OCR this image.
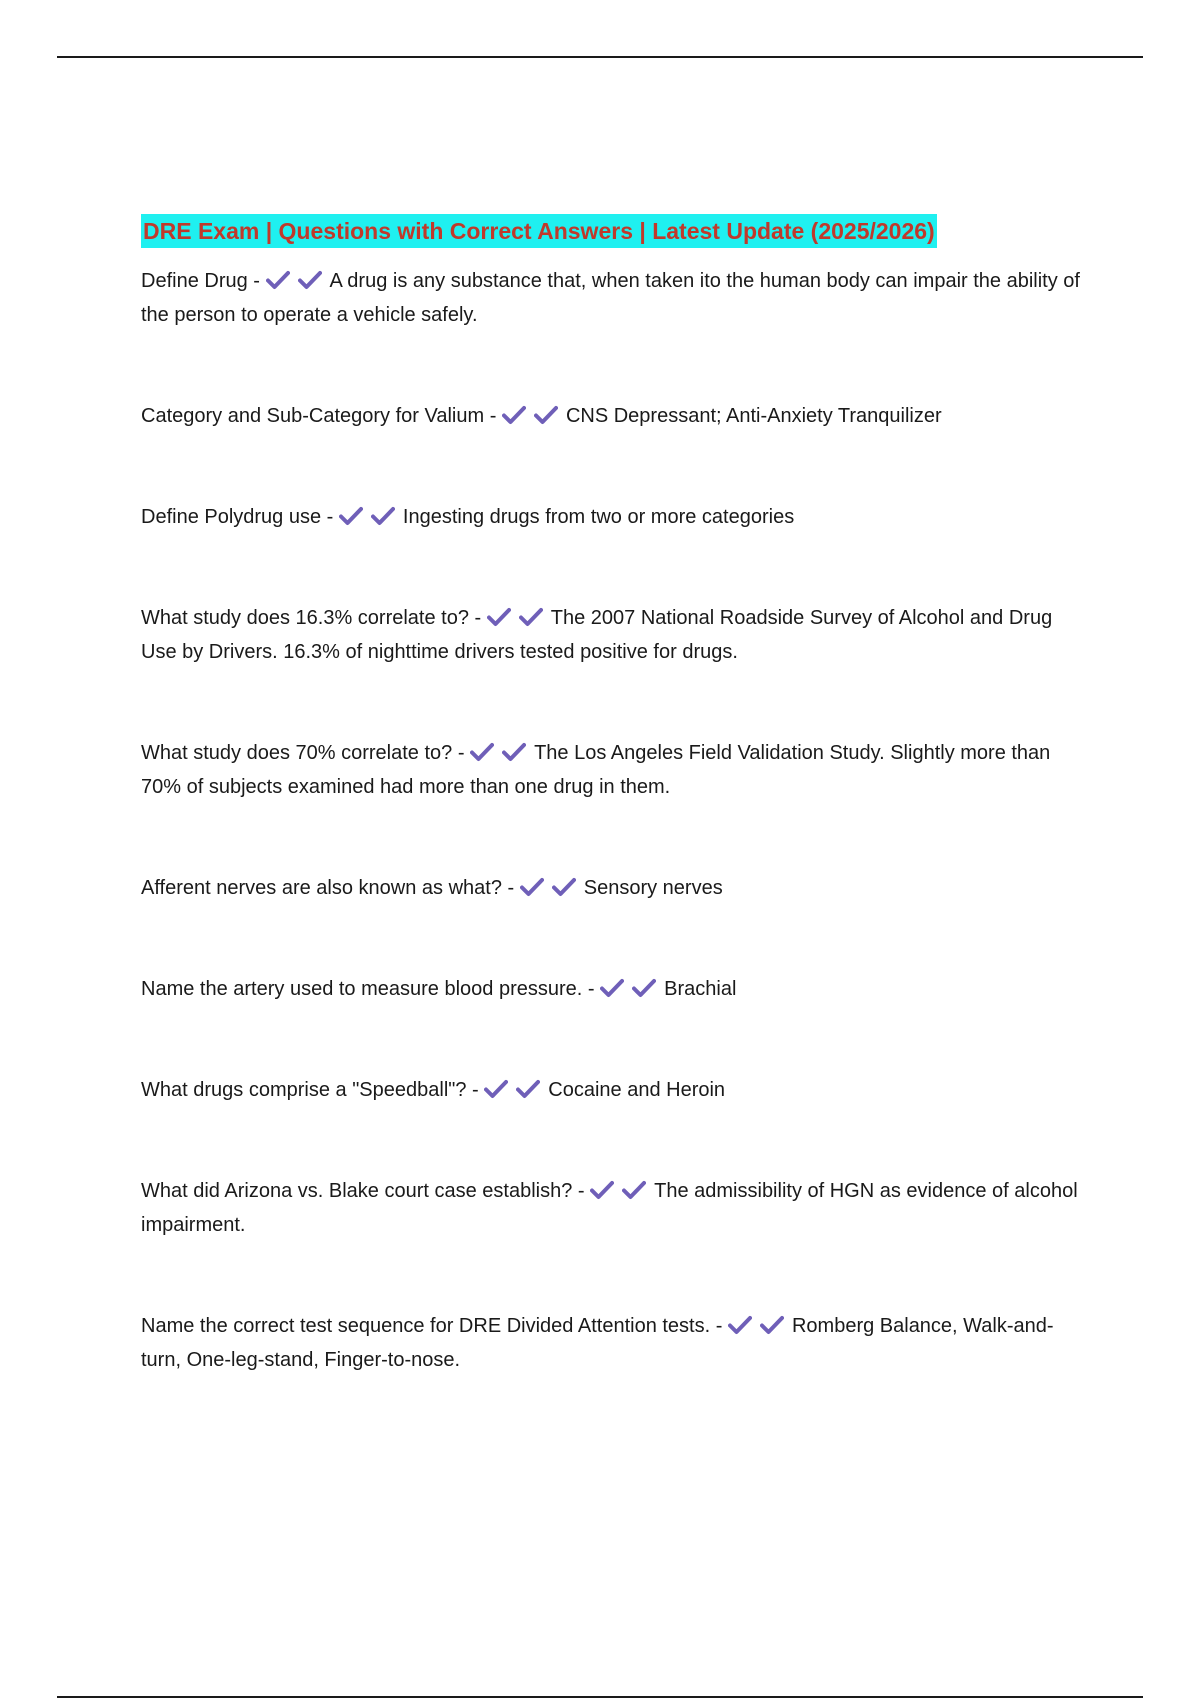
DRE Exam | Questions with Correct Answers | Latest Update (2025/2026)

Define Drug -	A drug is any substance that, when taken ito the human body can impair the ability of the person to operate a vehicle safely.

Category and Sub-Category for Valium -	CNS Depressant; Anti-Anxiety Tranquilizer

Define Polydrug use -	Ingesting drugs from two or more categories

What study does 16.3% correlate to? -	The 2007 National Roadside Survey of Alcohol and Drug Use by Drivers. 16.3% of nighttime drivers tested positive for drugs.

What study does 70% correlate to? -	The Los Angeles Field Validation Study. Slightly more than 70% of subjects examined had more than one drug in them.

Afferent nerves are also known as what? -	Sensory nerves

Name the artery used to measure blood pressure. -	Brachial

What drugs comprise a "Speedball"? -	Cocaine and Heroin

What did Arizona vs. Blake court case establish? -	The admissibility of HGN as evidence of alcohol impairment.

Name the correct test sequence for DRE Divided Attention tests. -	Romberg Balance, Walk-and-turn, One-leg-stand, Finger-to-nose.
